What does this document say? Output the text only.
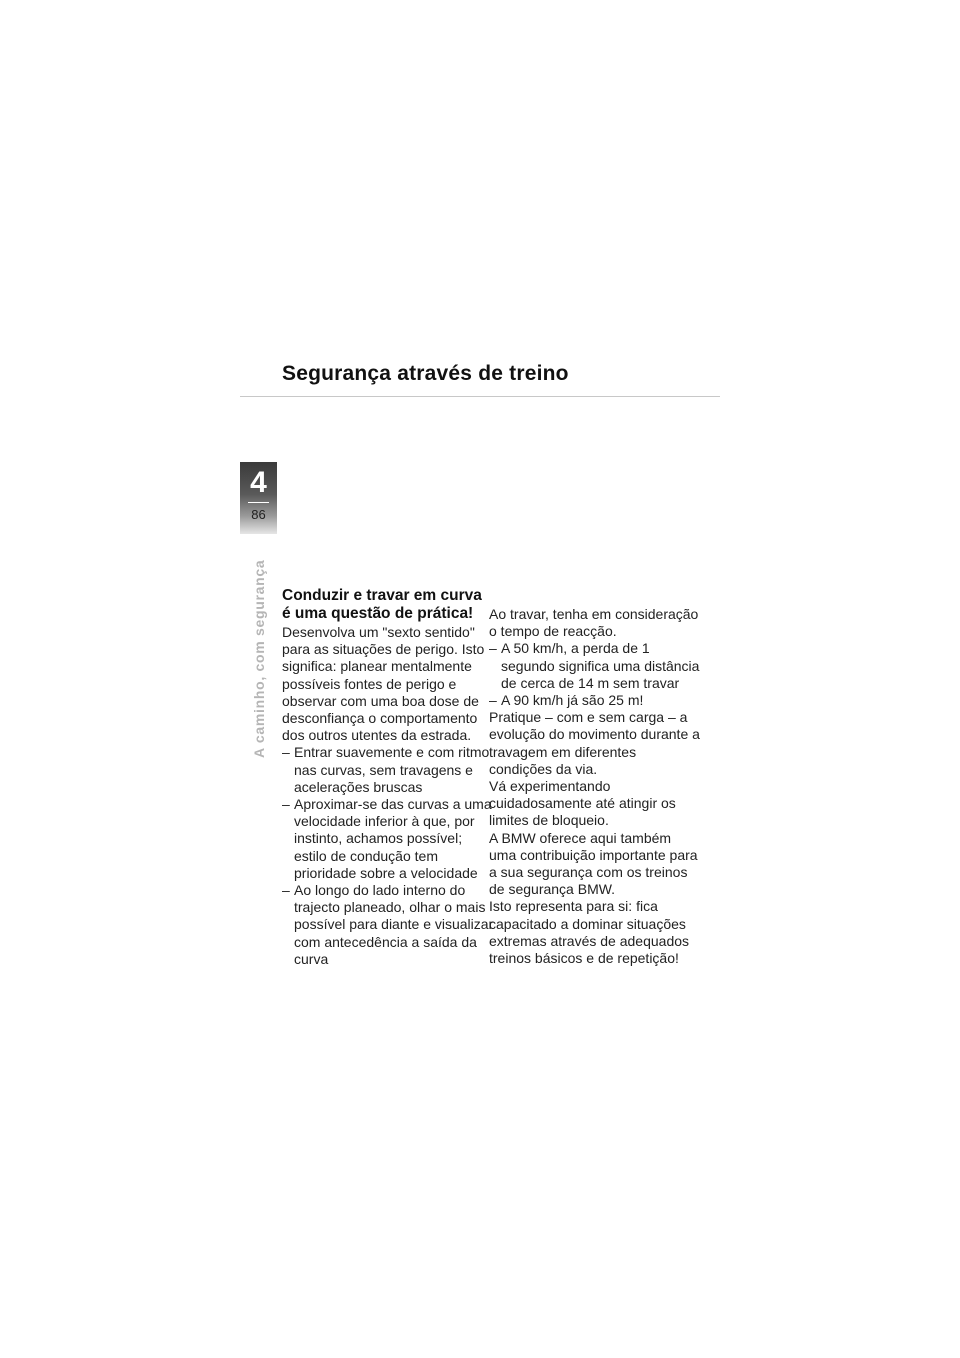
Segurança através de treino
4
86
A caminho, com segurança Conduzir e travar em curva é uma questão de prática!

Desenvolva um "sexto sentido" para as situações de perigo. Isto significa: planear mentalmente possíveis fontes de perigo e observar com uma boa dose de desconfiança o comportamento dos outros utentes da estrada.

– Entrar suavemente e com ritmo nas curvas, sem travagens e acelerações bruscas
– Aproximar-se das curvas a uma velocidade inferior à que, por instinto, achamos possível; estilo de condução tem prioridade sobre a velocidade
– Ao longo do lado interno do trajecto planeado, olhar o mais possível para diante e visualizar com antecedência a saída da curva

Ao travar, tenha em consideração o tempo de reacção.

– A 50 km/h, a perda de 1 segundo significa uma distância de cerca de 14 m sem travar
– A 90 km/h já são 25 m!

Pratique – com e sem carga – a evolução do movimento durante a travagem em diferentes condições da via.

Vá experimentando cuidadosamente até atingir os limites de bloqueio.

A BMW oferece aqui também uma contribuição importante para a sua segurança com os treinos de segurança BMW.

Isto representa para si: fica capacitado a dominar situações extremas através de adequados treinos básicos e de repetição!
